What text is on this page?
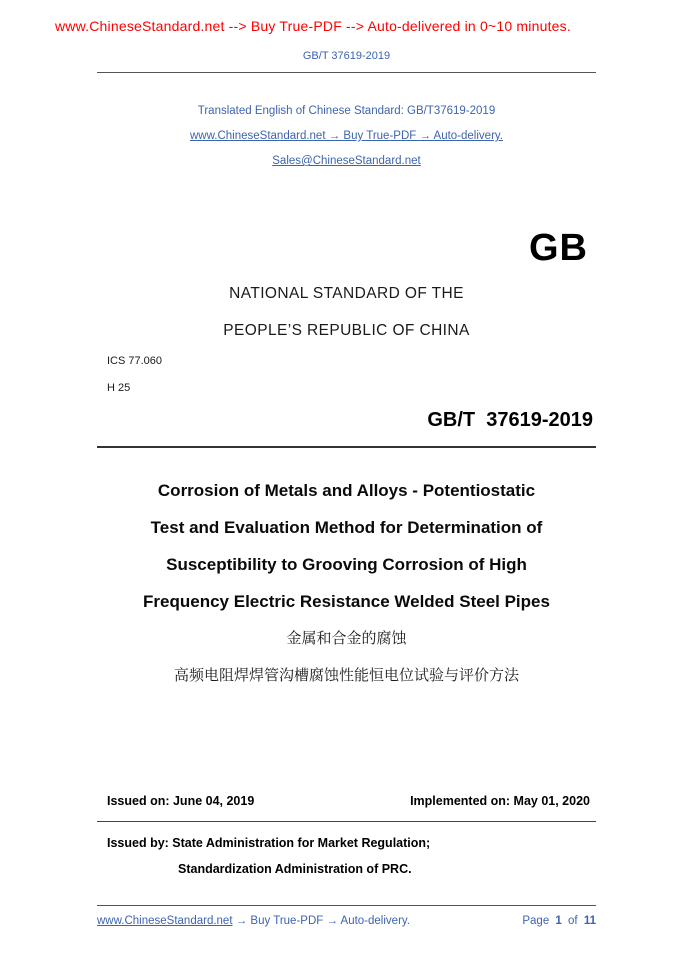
www.ChineseStandard.net --> Buy True-PDF --> Auto-delivered in 0~10 minutes.
GB/T 37619-2019
Translated English of Chinese Standard: GB/T37619-2019
www.ChineseStandard.net → Buy True-PDF → Auto-delivery.
Sales@ChineseStandard.net
GB
NATIONAL STANDARD OF THE
PEOPLE’S REPUBLIC OF CHINA
ICS 77.060
H 25
GB/T  37619-2019
Corrosion of Metals and Alloys - Potentiostatic
Test and Evaluation Method for Determination of
Susceptibility to Grooving Corrosion of High
Frequency Electric Resistance Welded Steel Pipes
金属和合金的腐蚀
高频电阻焊焊管沟槽腐蚀性能恒电位试验与评价方法
Issued on: June 04, 2019	Implemented on: May 01, 2020
Issued by: State Administration for Market Regulation;
Standardization Administration of PRC.
www.ChineseStandard.net → Buy True-PDF → Auto-delivery.	Page 1 of 11
